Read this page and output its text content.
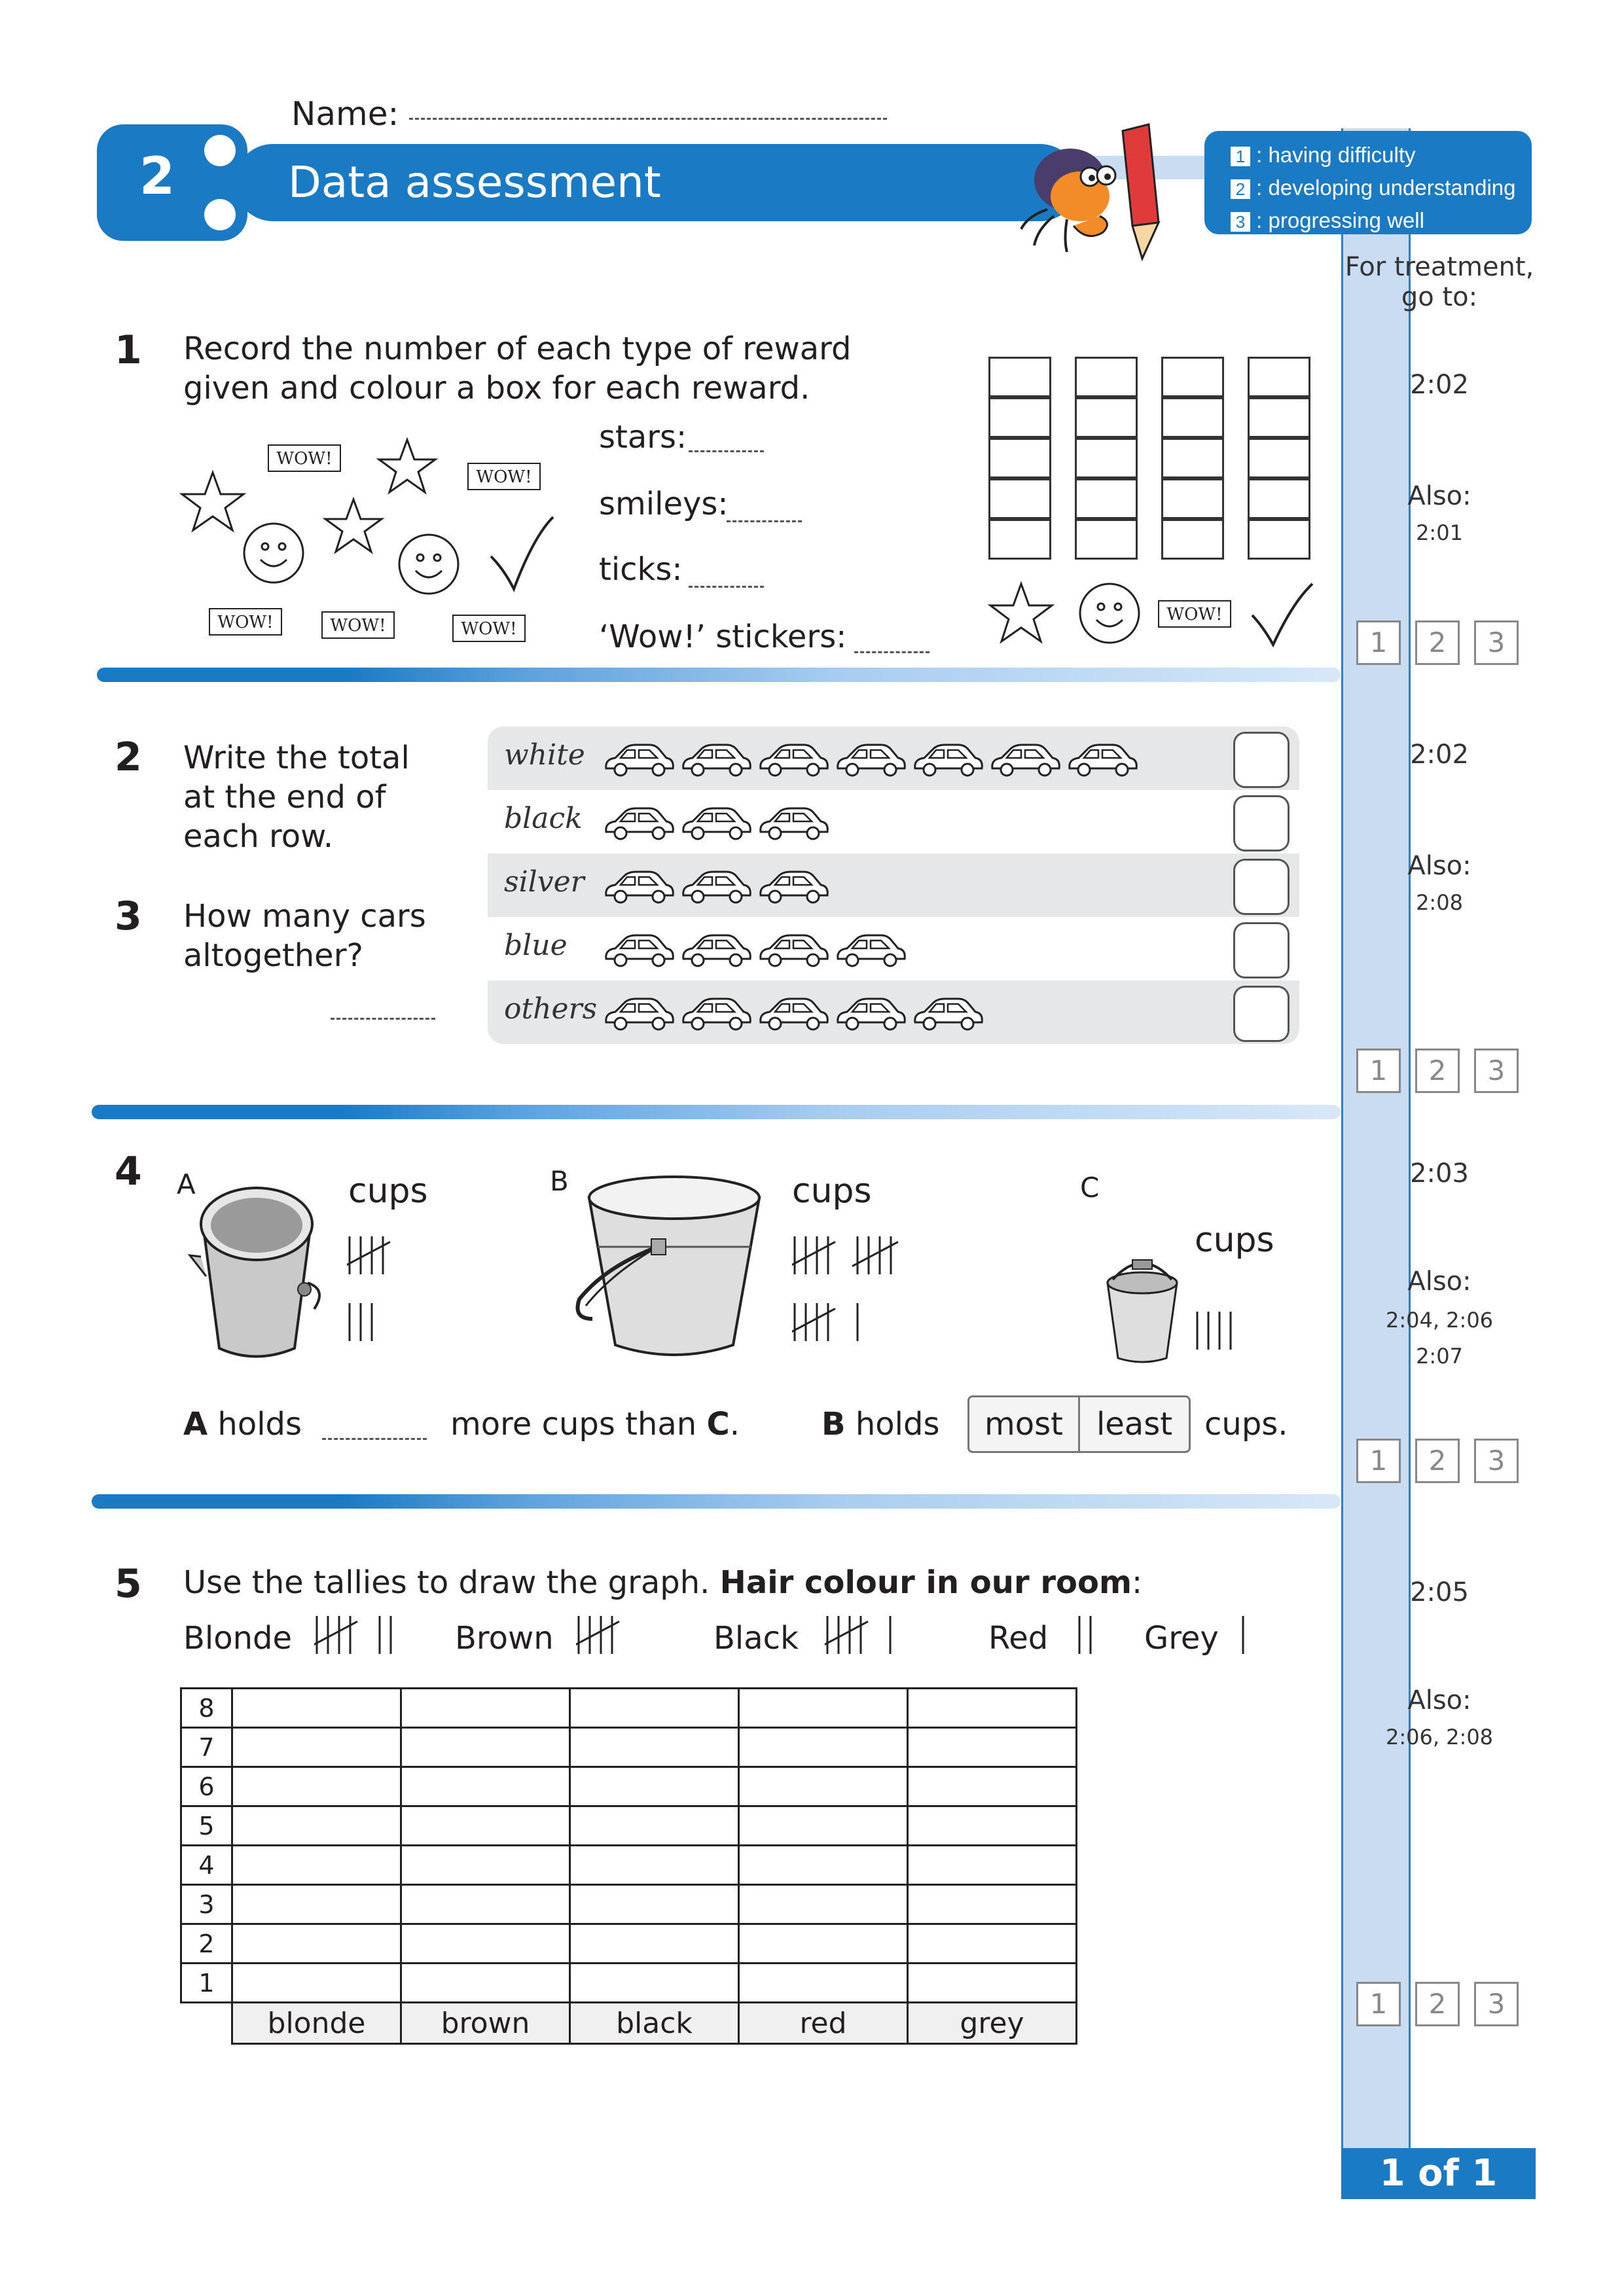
For treatment, go to:
2:02
Also:
2:01
1	2	3
2:02
Also:
2:08
1	2	3
2:03
Also:
2:04, 2:06
2:07
1	2	3
2:05
Also:
2:06, 2:08
1	2	3
1 of 1
Name:
2	Data assessment
1 : having difficulty
2 : developing understanding
3 : progressing well
1 Record the number of each type of reward
given and colour a box for each reward.
WOW!
WOW!
WOW!	WOW!	WOW!
stars:
smileys:
ticks:
‘Wow!’ stickers:
WOW!
2 Write the total
at the end of
each row.
3 How many cars
altogether?
white
black
silver
blue
others
4 A	cups	B	cups	C
cups
A holds	more cups than C.	B holds	most	least	cups.
5 Use the tallies to draw the graph. Hair colour in our room:
Blonde	Brown	Black	Red	Grey
8					
7					
6					
5					
4					
3					
2					
1					
	blonde	brown	black	red	grey
